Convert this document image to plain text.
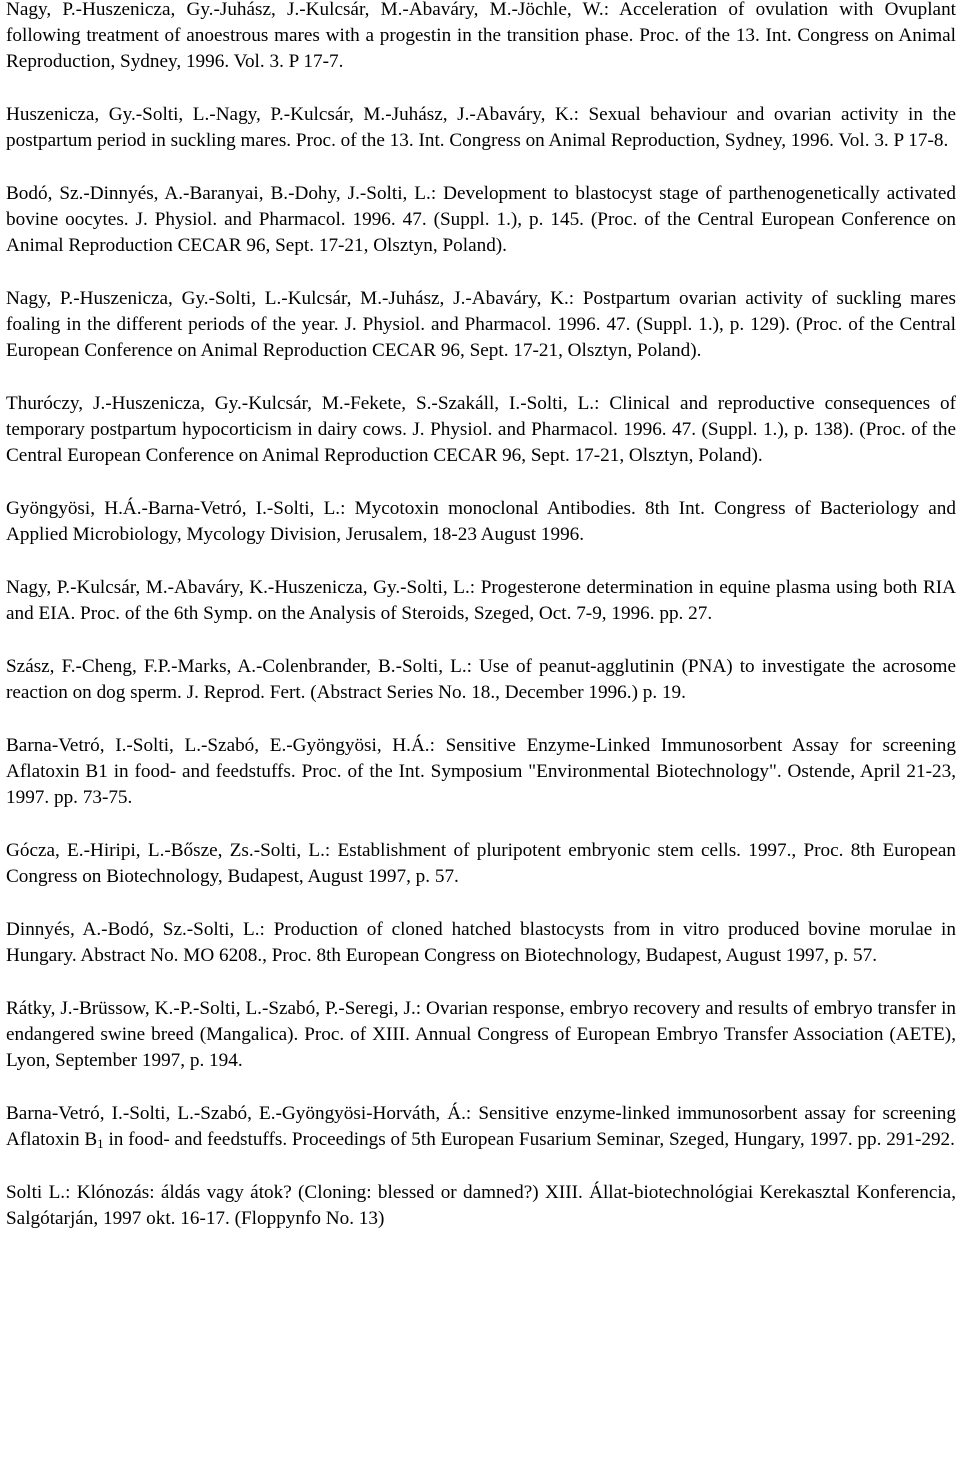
Nagy, P.-Huszenicza, Gy.-Juhász, J.-Kulcsár, M.-Abaváry, M.-Jöchle, W.: Acceleration of ovulation with Ovuplant following treatment of anoestrous mares with a progestin in the transition phase. Proc. of the 13. Int. Congress on Animal Reproduction, Sydney, 1996. Vol. 3. P 17-7.

Huszenicza, Gy.-Solti, L.-Nagy, P.-Kulcsár, M.-Juhász, J.-Abaváry, K.: Sexual behaviour and ovarian activity in the postpartum period in suckling mares. Proc. of the 13. Int. Congress on Animal Reproduction, Sydney, 1996. Vol. 3. P 17-8.

Bodó, Sz.-Dinnyés, A.-Baranyai, B.-Dohy, J.-Solti, L.: Development to blastocyst stage of parthenogenetically activated bovine oocytes. J. Physiol. and Pharmacol. 1996. 47. (Suppl. 1.), p. 145. (Proc. of the Central European Conference on Animal Reproduction CECAR 96, Sept. 17-21, Olsztyn, Poland).

Nagy, P.-Huszenicza, Gy.-Solti, L.-Kulcsár, M.-Juhász, J.-Abaváry, K.: Postpartum ovarian activity of suckling mares foaling in the different periods of the year. J. Physiol. and Pharmacol. 1996. 47. (Suppl. 1.), p. 129). (Proc. of the Central European Conference on Animal Reproduction CECAR 96, Sept. 17-21, Olsztyn, Poland).

Thuróczy, J.-Huszenicza, Gy.-Kulcsár, M.-Fekete, S.-Szakáll, I.-Solti, L.: Clinical and reproductive consequences of temporary postpartum hypocorticism in dairy cows. J. Physiol. and Pharmacol. 1996. 47. (Suppl. 1.), p. 138). (Proc. of the Central European Conference on Animal Reproduction CECAR 96, Sept. 17-21, Olsztyn, Poland).

Gyöngyösi, H.Á.-Barna-Vetró, I.-Solti, L.: Mycotoxin monoclonal Antibodies. 8th Int. Congress of Bacteriology and Applied Microbiology, Mycology Division, Jerusalem, 18-23 August 1996.

Nagy, P.-Kulcsár, M.-Abaváry, K.-Huszenicza, Gy.-Solti, L.: Progesterone determination in equine plasma using both RIA and EIA. Proc. of the 6th Symp. on the Analysis of Steroids, Szeged, Oct. 7-9, 1996. pp. 27.

Szász, F.-Cheng, F.P.-Marks, A.-Colenbrander, B.-Solti, L.: Use of peanut-agglutinin (PNA) to investigate the acrosome reaction on dog sperm. J. Reprod. Fert. (Abstract Series No. 18., December 1996.) p. 19.

Barna-Vetró, I.-Solti, L.-Szabó, E.-Gyöngyösi, H.Á.: Sensitive Enzyme-Linked Immunosorbent Assay for screening Aflatoxin B1 in food- and feedstuffs. Proc. of the Int. Symposium "Environmental Biotechnology". Ostende, April 21-23, 1997. pp. 73-75.

Gócza, E.-Hiripi, L.-Bősze, Zs.-Solti, L.: Establishment of pluripotent embryonic stem cells. 1997., Proc. 8th European Congress on Biotechnology, Budapest, August 1997, p. 57.

Dinnyés, A.-Bodó, Sz.-Solti, L.: Production of cloned hatched blastocysts from in vitro produced bovine morulae in Hungary. Abstract No. MO 6208., Proc. 8th European Congress on Biotechnology, Budapest, August 1997, p. 57.

Rátky, J.-Brüssow, K.-P.-Solti, L.-Szabó, P.-Seregi, J.: Ovarian response, embryo recovery and results of embryo transfer in endangered swine breed (Mangalica). Proc. of XIII. Annual Congress of European Embryo Transfer Association (AETE), Lyon, September 1997, p. 194.

Barna-Vetró, I.-Solti, L.-Szabó, E.-Gyöngyösi-Horváth, Á.: Sensitive enzyme-linked immunosorbent assay for screening Aflatoxin $B_1$ in food- and feedstuffs. Proceedings of 5th European Fusarium Seminar, Szeged, Hungary, 1997. pp. 291-292.

Solti L.: Klónozás: áldás vagy átok? (Cloning: blessed or damned?) XIII. Állat-biotechnológiai Kerekasztal Konferencia, Salgótarján, 1997 okt. 16-17. (Floppynfo No. 13)
